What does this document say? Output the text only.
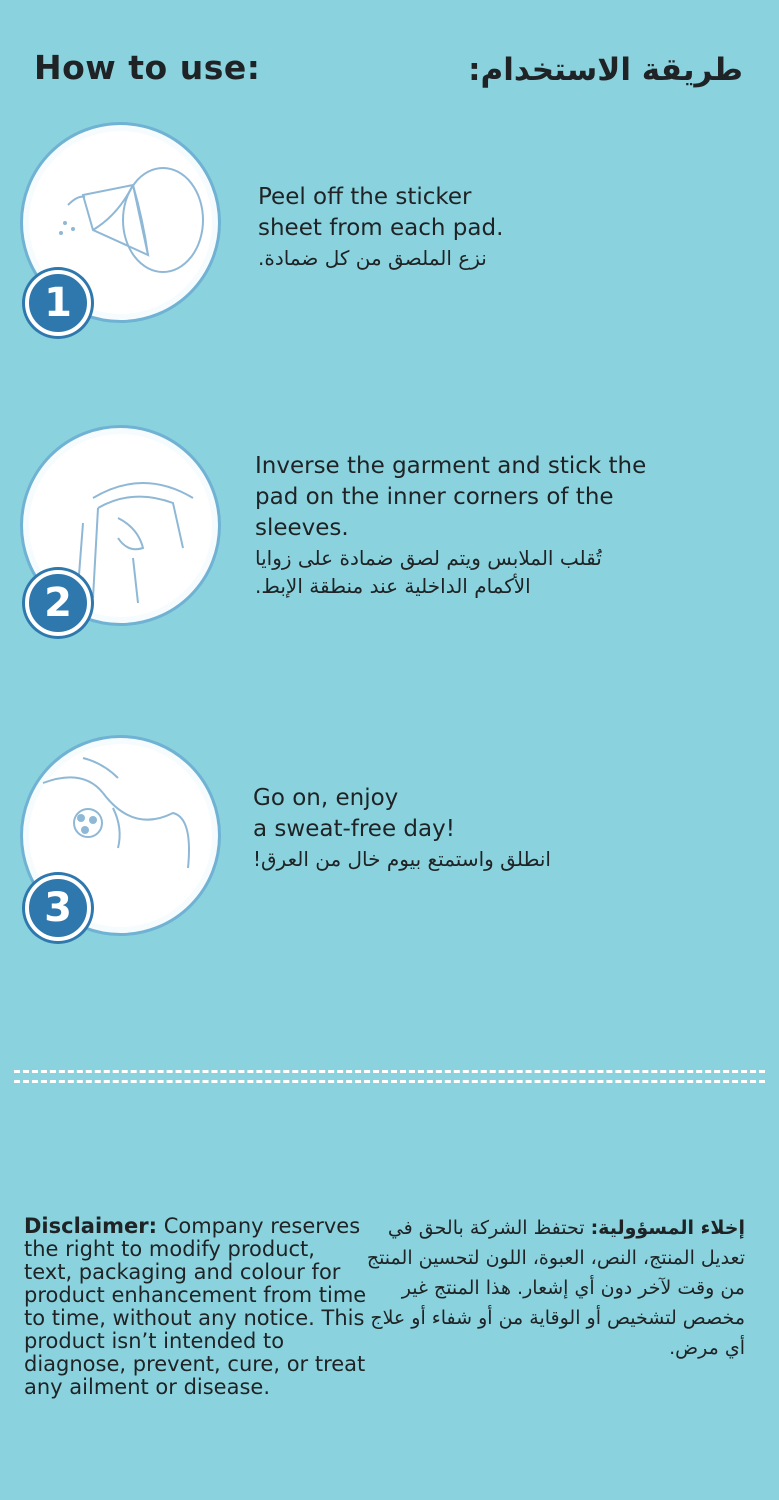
How to use:	طريقة الاستخدام:
1

Peel off the sticker

sheet from each pad.

نزع الملصق من كل ضمادة.

2

Inverse the garment and stick the

pad on the inner corners of the

sleeves.

تُقلب الملابس ويتم لصق ضمادة على زوايا

الأكمام الداخلية عند منطقة الإبط.

3

Go on, enjoy

a sweat-free day!

انطلق واستمتع بيوم خال من العرق!

Disclaimer: Company reserves the right to modify product, text, packaging and colour for product enhancement from time to time, without any notice. This product isn’t intended to diagnose, prevent, cure, or treat any ailment or disease.

إخلاء المسؤولية: تحتفظ الشركة بالحق في تعديل المنتج، النص، العبوة، اللون لتحسين المنتج من وقت لآخر دون أي إشعار. هذا المنتج غير مخصص لتشخيص أو الوقاية من أو شفاء أو علاج أي مرض.
